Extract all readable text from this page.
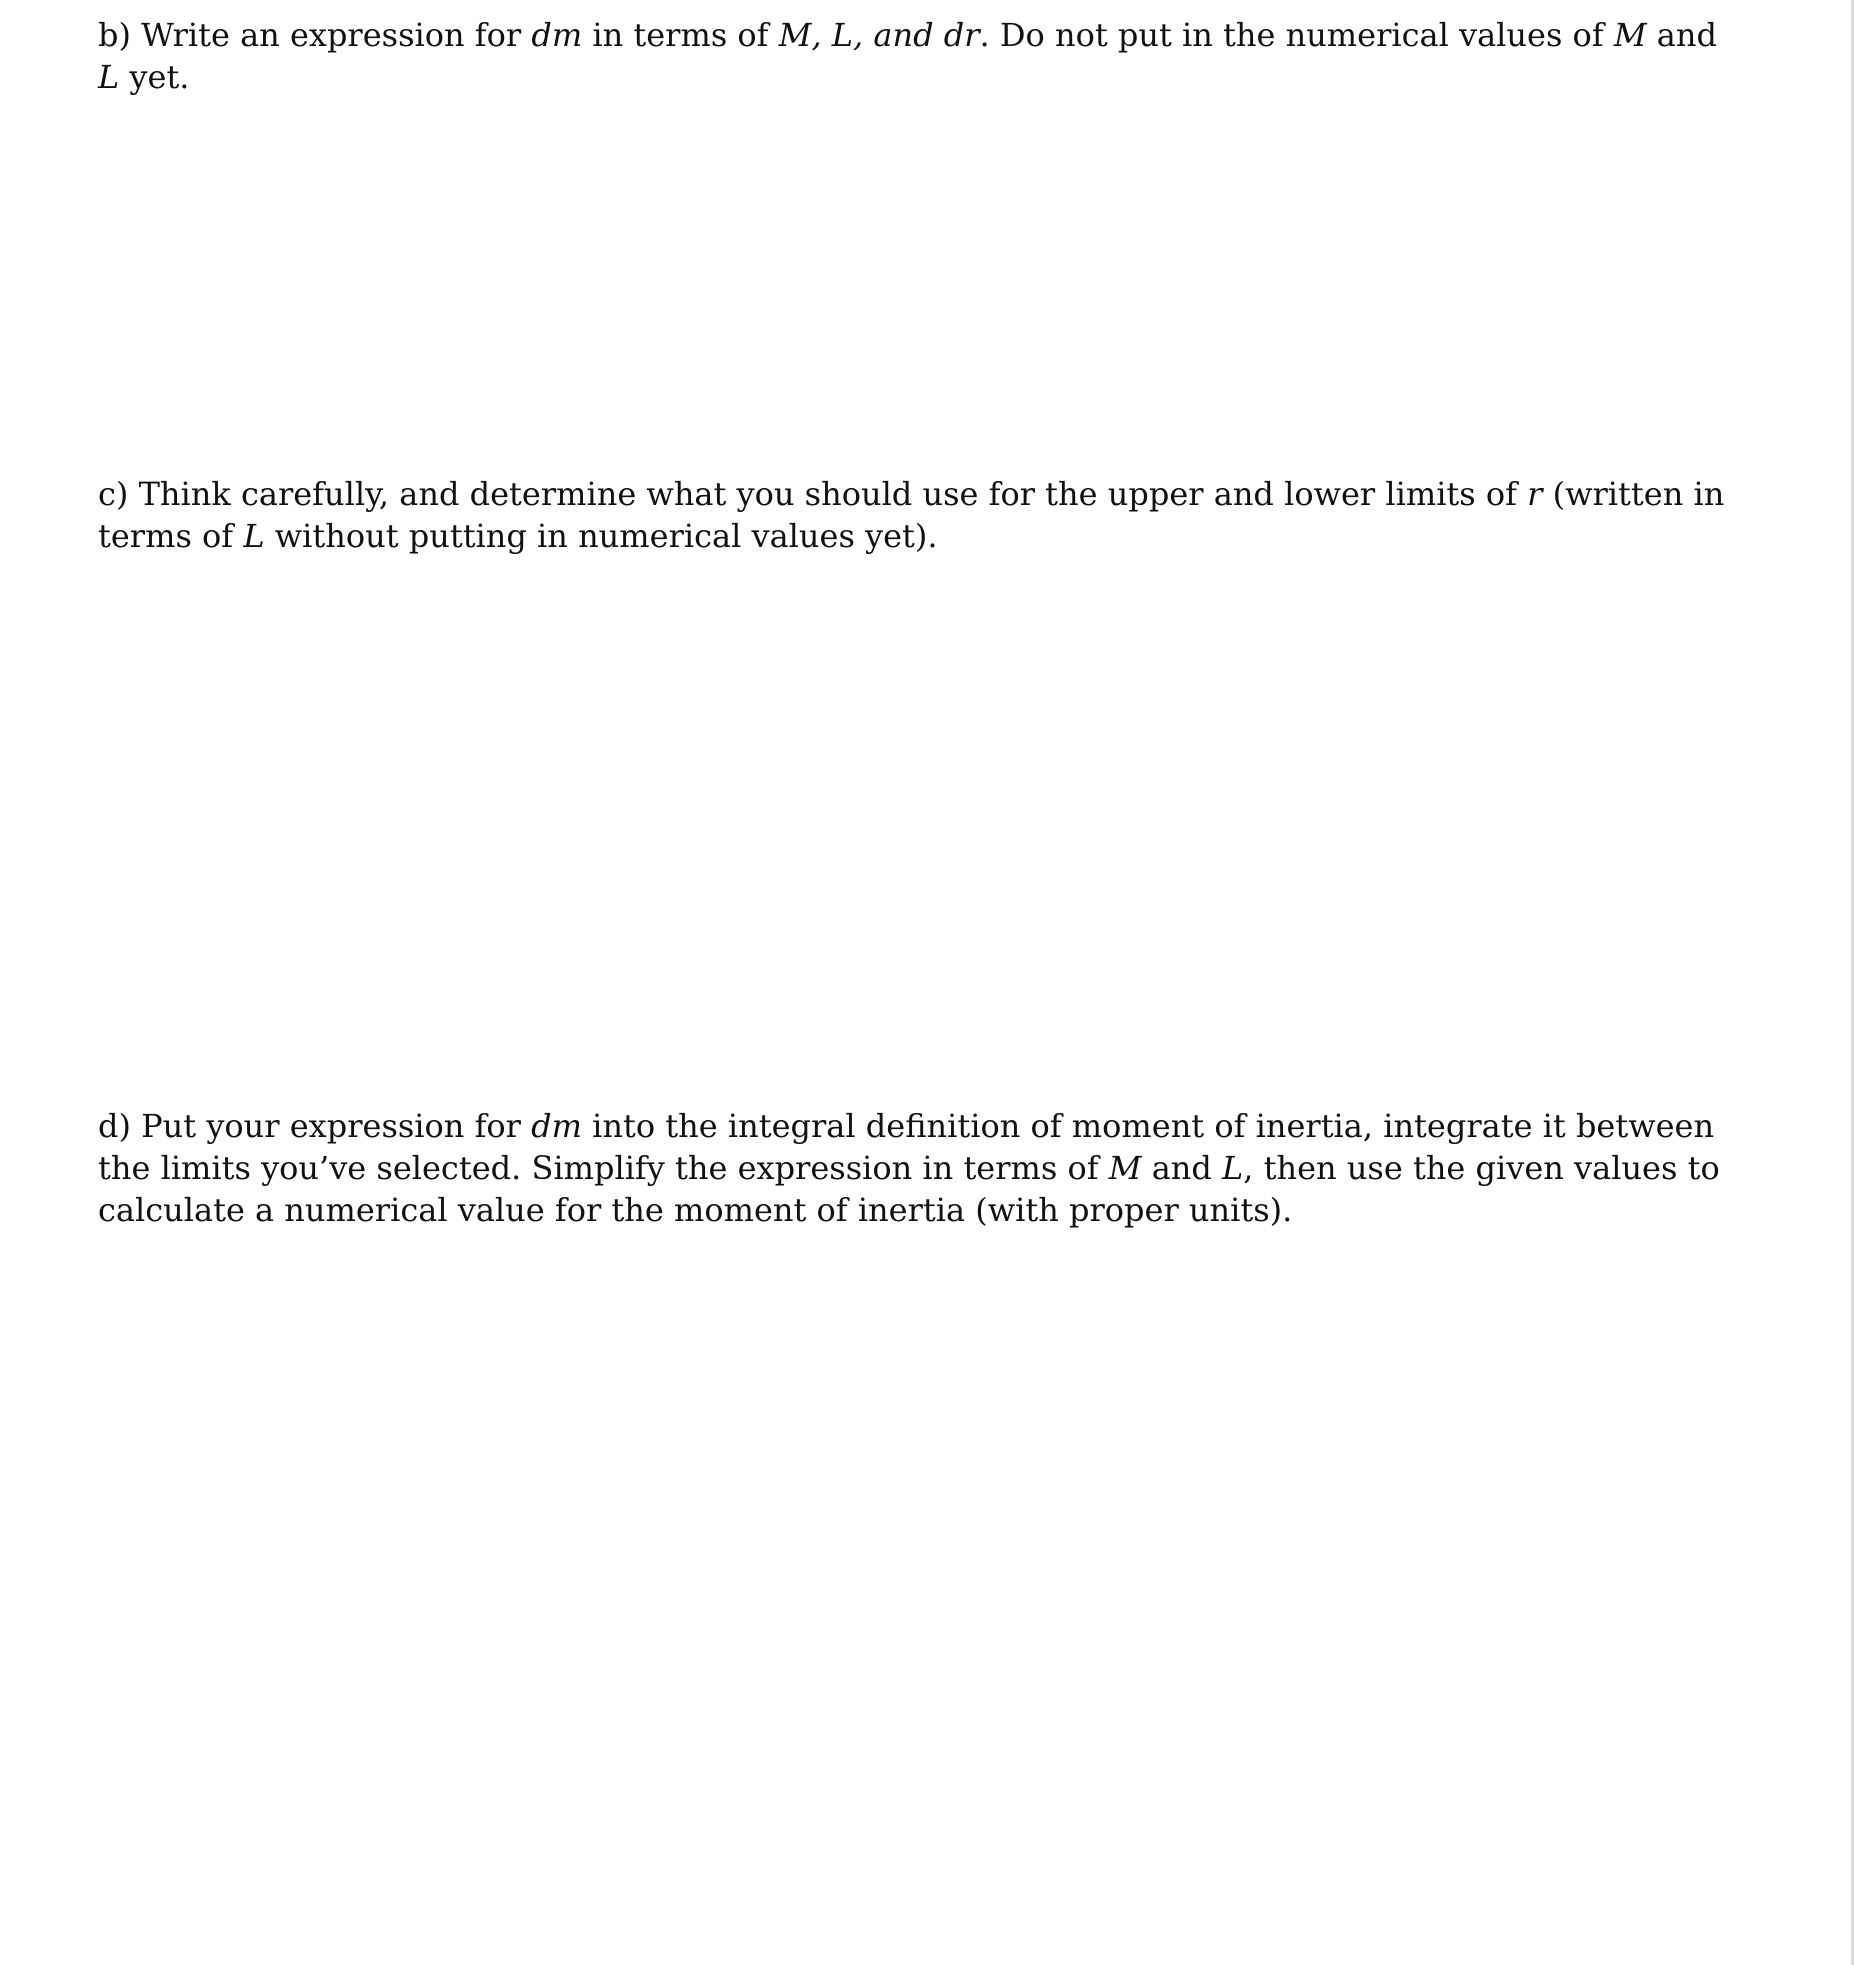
b) Write an expression for dm in terms of M, L, and dr. Do not put in the numerical values of M and L yet.

c) Think carefully, and determine what you should use for the upper and lower limits of r (written in terms of L without putting in numerical values yet).

d) Put your expression for dm into the integral definition of moment of inertia, integrate it between the limits you’ve selected. Simplify the expression in terms of M and L, then use the given values to calculate a numerical value for the moment of inertia (with proper units).
